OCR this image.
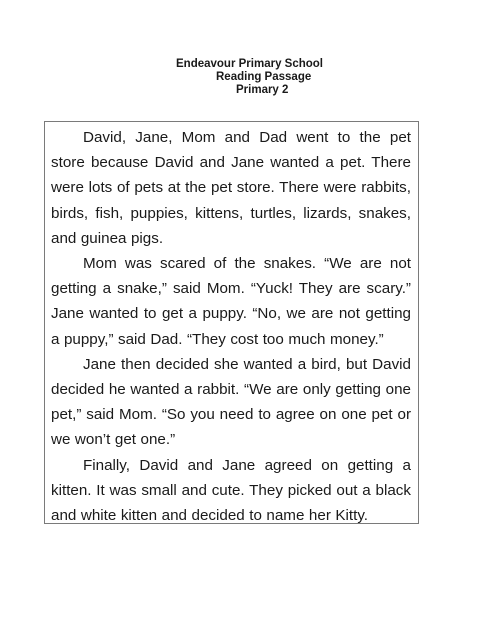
Endeavour Primary School
Reading Passage
Primary 2

David, Jane, Mom and Dad went to the pet store because David and Jane wanted a pet. There were lots of pets at the pet store. There were rabbits, birds, fish, puppies, kittens, turtles, lizards, snakes, and guinea pigs.

Mom was scared of the snakes. “We are not getting a snake,” said Mom. “Yuck! They are scary.” Jane wanted to get a puppy. “No, we are not getting a puppy,” said Dad. “They cost too much money.”

Jane then decided she wanted a bird, but David decided he wanted a rabbit. “We are only getting one pet,” said Mom. “So you need to agree on one pet or we won’t get one.”

Finally, David and Jane agreed on getting a kitten. It was small and cute. They picked out a black and white kitten and decided to name her Kitty.
